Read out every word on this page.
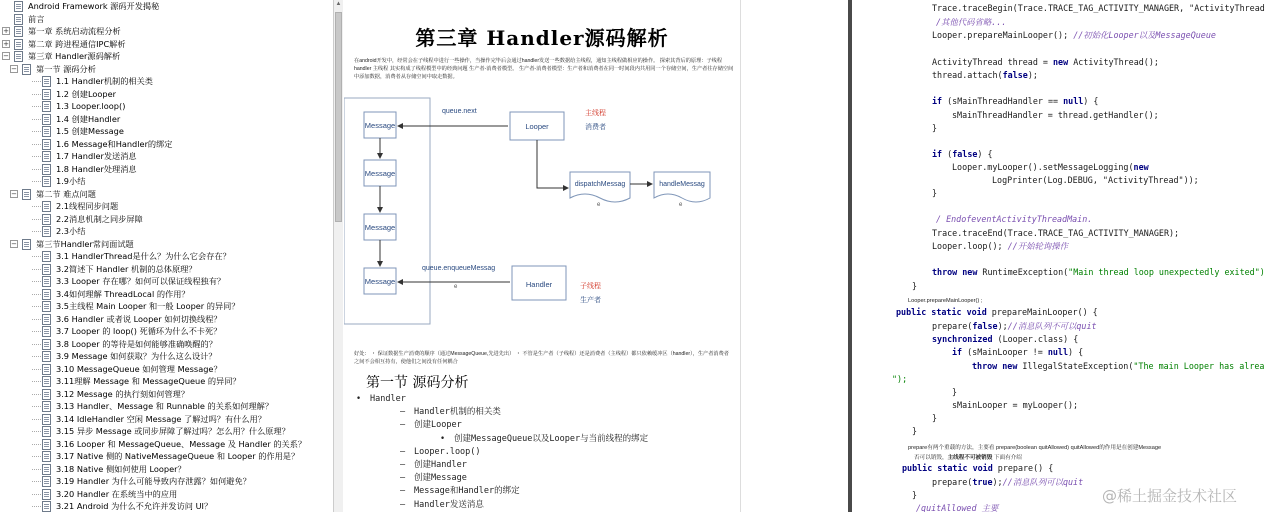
Android Framework 源码开发揭秘
前言
+ 第一章 系统启动流程分析
+ 第二章 跨进程通信IPC解析
− 第三章 Handler源码解析
− 第一节 源码分析
1.1 Handler机制的相关类
1.2 创建Looper
1.3 Looper.loop()
1.4 创建Handler
1.5 创建Message
1.6 Message和Handler的绑定
1.7 Handler发送消息
1.8 Handler处理消息
1.9小结
− 第二节 难点问题
2.1线程同步问题
2.2消息机制之同步屏障
2.3小结
− 第三节Handler常问面试题
3.1 HandlerThread是什么？为什么它会存在？
3.2简述下 Handler 机制的总体原理？
3.3 Looper 存在哪？如何可以保证线程独有？
3.4如何理解 ThreadLocal 的作用？
3.5主线程 Main Looper 和一般 Looper 的异同？
3.6 Handler 或者说 Looper 如何切换线程？
3.7 Looper 的 loop() 死循环为什么不卡死？
3.8 Looper 的等待是如何能够准确唤醒的？
3.9 Message 如何获取？为什么这么设计？
3.10 MessageQueue 如何管理 Message？
3.11理解 Message 和 MessageQueue 的异同？
3.12 Message 的执行刻如何管理？
3.13 Handler、Message 和 Runnable 的关系如何理解？
3.14 IdleHandler 空闲 Message 了解过吗？有什么用？
3.15 异步 Message 或同步屏障了解过吗？怎么用？什么原理？
3.16 Looper 和 MessageQueue、Message 及 Handler 的关系？
3.17 Native 侧的 NativeMessageQueue 和 Looper 的作用是？
3.18 Native 侧如何使用 Looper？
3.19 Handler 为什么可能导致内存泄露？如何避免？
3.20 Handler 在系统当中的应用
3.21 Android 为什么不允许并发访问 UI？
▲
第三章 Handler源码解析
在android开发中，经常会在子线程中进行一些操作，当操作完毕后会通过handler发送一些数据给主线程，通知主线程做相应的操作。 探索其背后的原理：子线程 handler 主线程 其实构成了线程模型中的经典问题 生产者-消费者模型。 生产者-消费者模型：生产者和消费者在同一时间段内共用同一个存储空间，生产者往存储空间中添加数据，消费者从存储空间中取走数据。
Message
Message
Message
Message
queue.next
Looper
主线程
消费者
dispatchMessag
e
handleMessag
e
queue.enqueueMessag
e	Handler	子线程
生产者
好处： ・ 保证数据生产消费的顺序（通过MessageQueue,先进先出） ・ 不管是生产者（子线程）还是消费者（主线程）都只依赖缓冲区（handler），生产者消费者之间不会相互持有，使他们之间没有任何耦合
第一节 源码分析
• Handler
– Handler机制的相关类
– 创建Looper
• 创建MessageQueue以及Looper与当前线程的绑定
– Looper.loop()
– 创建Handler
– 创建Message
– Message和Handler的绑定
– Handler发送消息
Trace.traceBegin(Trace.TRACE_TAG_ACTIVITY_MANAGER, "ActivityThread
/其他代码省略...
Looper.prepareMainLooper(); //初始化Looper以及MessageQueue
ActivityThread thread = new ActivityThread();
thread.attach(false);
if (sMainThreadHandler == null) {
sMainThreadHandler = thread.getHandler();
}
if (false) {
Looper.myLooper().setMessageLogging(new
LogPrinter(Log.DEBUG, "ActivityThread"));
}
/ EndofeventActivityThreadMain.
Trace.traceEnd(Trace.TRACE_TAG_ACTIVITY_MANAGER);
Looper.loop(); //开始轮询操作
throw new RuntimeException("Main thread loop unexpectedly exited")
}
Looper.prepareMainLooper() ;
public static void prepareMainLooper() {
prepare(false);//消息队列不可以quit
synchronized (Looper.class) {
if (sMainLooper != null) {
throw new IllegalStateException("The main Looper has alrea
");
}
sMainLooper = myLooper();
}
}
prepare有两个重载的方法，主要看 prepare(boolean quitAllowed) quitAllowed的作用是在创建Message
否可以销毁，主线程不可被销毁 下面有介绍
public static void prepare() {
prepare(true);//消息队列可以quit
}
/quitAllowed 主要
@稀土掘金技术社区
